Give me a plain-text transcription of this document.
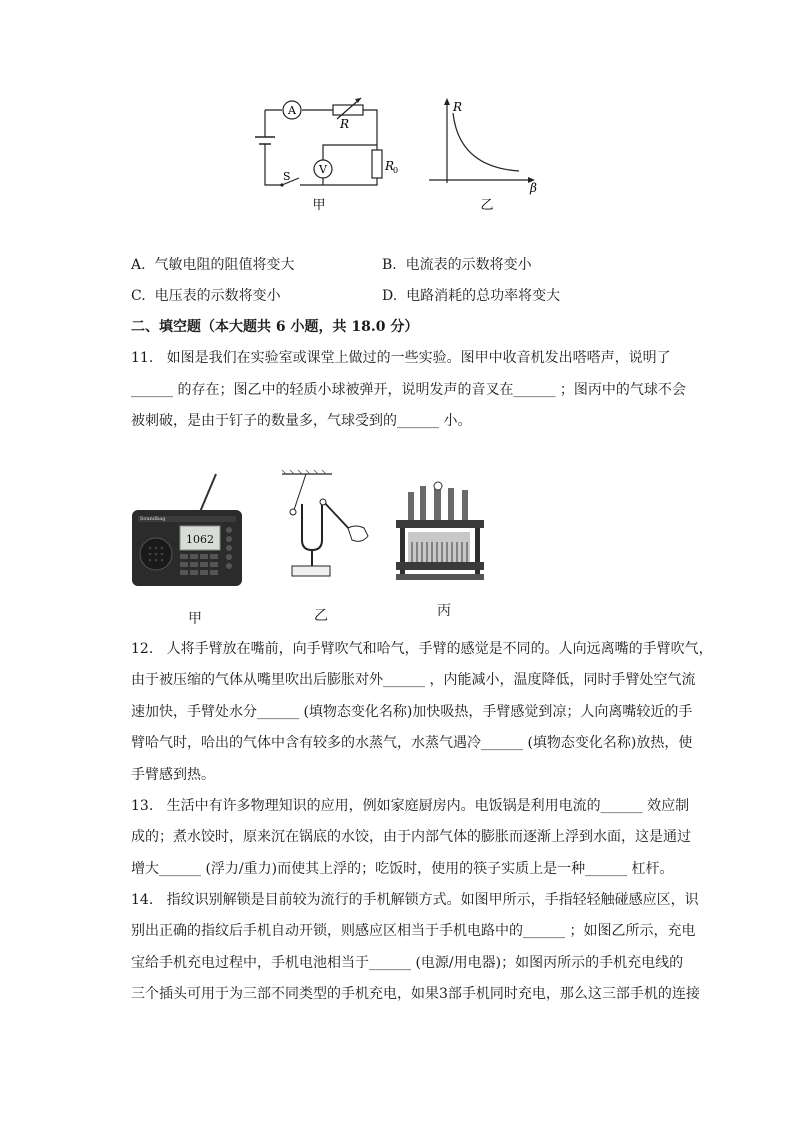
A
V
R
R
0
S
甲
R
β
乙
A. 气敏电阻的阻值将变大	B. 电流表的示数将变小
C. 电压表的示数将变小	D. 电路消耗的总功率将变大
二、填空题（本大题共 6 小题，共 18.0 分）
11. 如图是我们在实验室或课堂上做过的一些实验。图甲中收音机发出嗒嗒声，说明了
______ 的存在；图乙中的轻质小球被弹开，说明发声的音叉在______ ；图丙中的气球不会
被刺破，是由于钉子的数量多，气球受到的______ 小。
1062
Soundbag
甲	乙	丙
12. 人将手臂放在嘴前，向手臂吹气和哈气，手臂的感觉是不同的。人向远离嘴的手臂吹气，
由于被压缩的气体从嘴里吹出后膨胀对外______ ，内能减小，温度降低，同时手臂处空气流
速加快，手臂处水分______ (填物态变化名称)加快吸热，手臂感觉到凉；人向离嘴较近的手
臂哈气时，哈出的气体中含有较多的水蒸气，水蒸气遇冷______ (填物态变化名称)放热，使
手臂感到热。
13. 生活中有许多物理知识的应用，例如家庭厨房内。电饭锅是利用电流的______ 效应制
成的；煮水饺时，原来沉在锅底的水饺，由于内部气体的膨胀而逐渐上浮到水面，这是通过
增大______ (浮力/重力)而使其上浮的；吃饭时，使用的筷子实质上是一种______ 杠杆。
14. 指纹识别解锁是目前较为流行的手机解锁方式。如图甲所示，手指轻轻触碰感应区，识
别出正确的指纹后手机自动开锁，则感应区相当于手机电路中的______ ；如图乙所示，充电
宝给手机充电过程中，手机电池相当于______ (电源/用电器)；如图丙所示的手机充电线的
三个插头可用于为三部不同类型的手机充电，如果3部手机同时充电，那么这三部手机的连接
